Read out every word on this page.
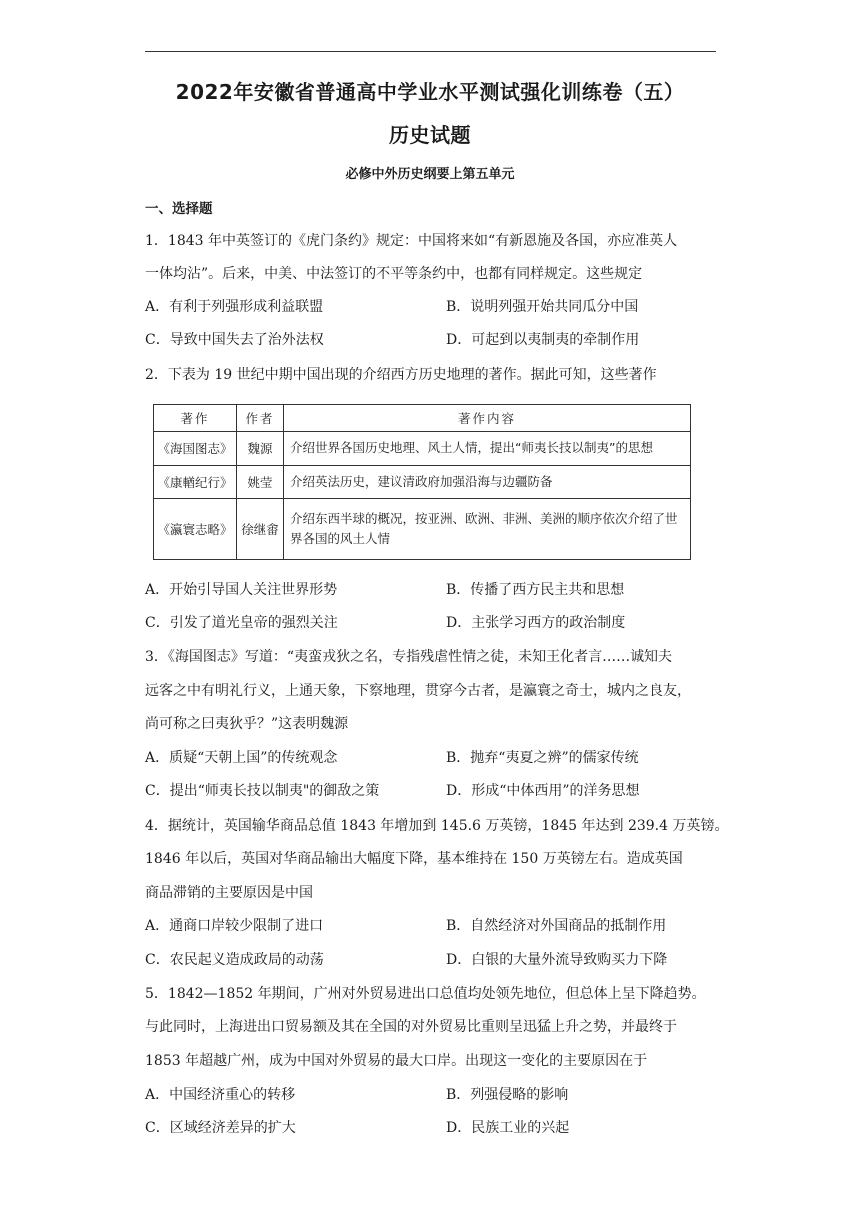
2022年安徽省普通高中学业水平测试强化训练卷（五）
历史试题
必修中外历史纲要上第五单元
一、选择题
1．1843 年中英签订的《虎门条约》规定：中国将来如“有新恩施及各国，亦应准英人
一体均沾”。后来，中美、中法签订的不平等条约中，也都有同样规定。这些规定
A．有利于列强形成利益联盟	B．说明列强开始共同瓜分中国
C．导致中国失去了治外法权	D．可起到以夷制夷的牵制作用
2．下表为 19 世纪中期中国出现的介绍西方历史地理的著作。据此可知，这些著作
著作	作者	著作内容
《海国图志》	魏源	介绍世界各国历史地理、风土人情，提出“师夷长技以制夷”的思想
《康輶纪行》	姚莹	介绍英法历史，建议清政府加强沿海与边疆防备
《瀛寰志略》	徐继畬	介绍东西半球的概况，按亚洲、欧洲、非洲、美洲的顺序依次介绍了世界各国的风土人情
A．开始引导国人关注世界形势	B．传播了西方民主共和思想
C．引发了道光皇帝的强烈关注	D．主张学习西方的政治制度
3．《海国图志》写道：“夷蛮戎狄之名，专指残虐性情之徒，未知王化者言……诚知夫
远客之中有明礼行义，上通天象，下察地理，贯穿今古者，是瀛寰之奇士，城内之良友，
尚可称之曰夷狄乎？”这表明魏源
A．质疑“天朝上国”的传统观念	B．抛弃“夷夏之辨”的儒家传统
C．提出“师夷长技以制夷"的御敌之策	D．形成“中体西用”的洋务思想
4．据统计，英国输华商品总值 1843 年增加到 145.6 万英镑，1845 年达到 239.4 万英镑。
1846 年以后，英国对华商品输出大幅度下降，基本维持在 150 万英镑左右。造成英国
商品滞销的主要原因是中国
A．通商口岸较少限制了进口	B．自然经济对外国商品的抵制作用
C．农民起义造成政局的动荡	D．白银的大量外流导致购买力下降
5．1842—1852 年期间，广州对外贸易进出口总值均处领先地位，但总体上呈下降趋势。
与此同时，上海进出口贸易额及其在全国的对外贸易比重则呈迅猛上升之势，并最终于
1853 年超越广州，成为中国对外贸易的最大口岸。出现这一变化的主要原因在于
A．中国经济重心的转移	B．列强侵略的影响
C．区域经济差异的扩大	D．民族工业的兴起
